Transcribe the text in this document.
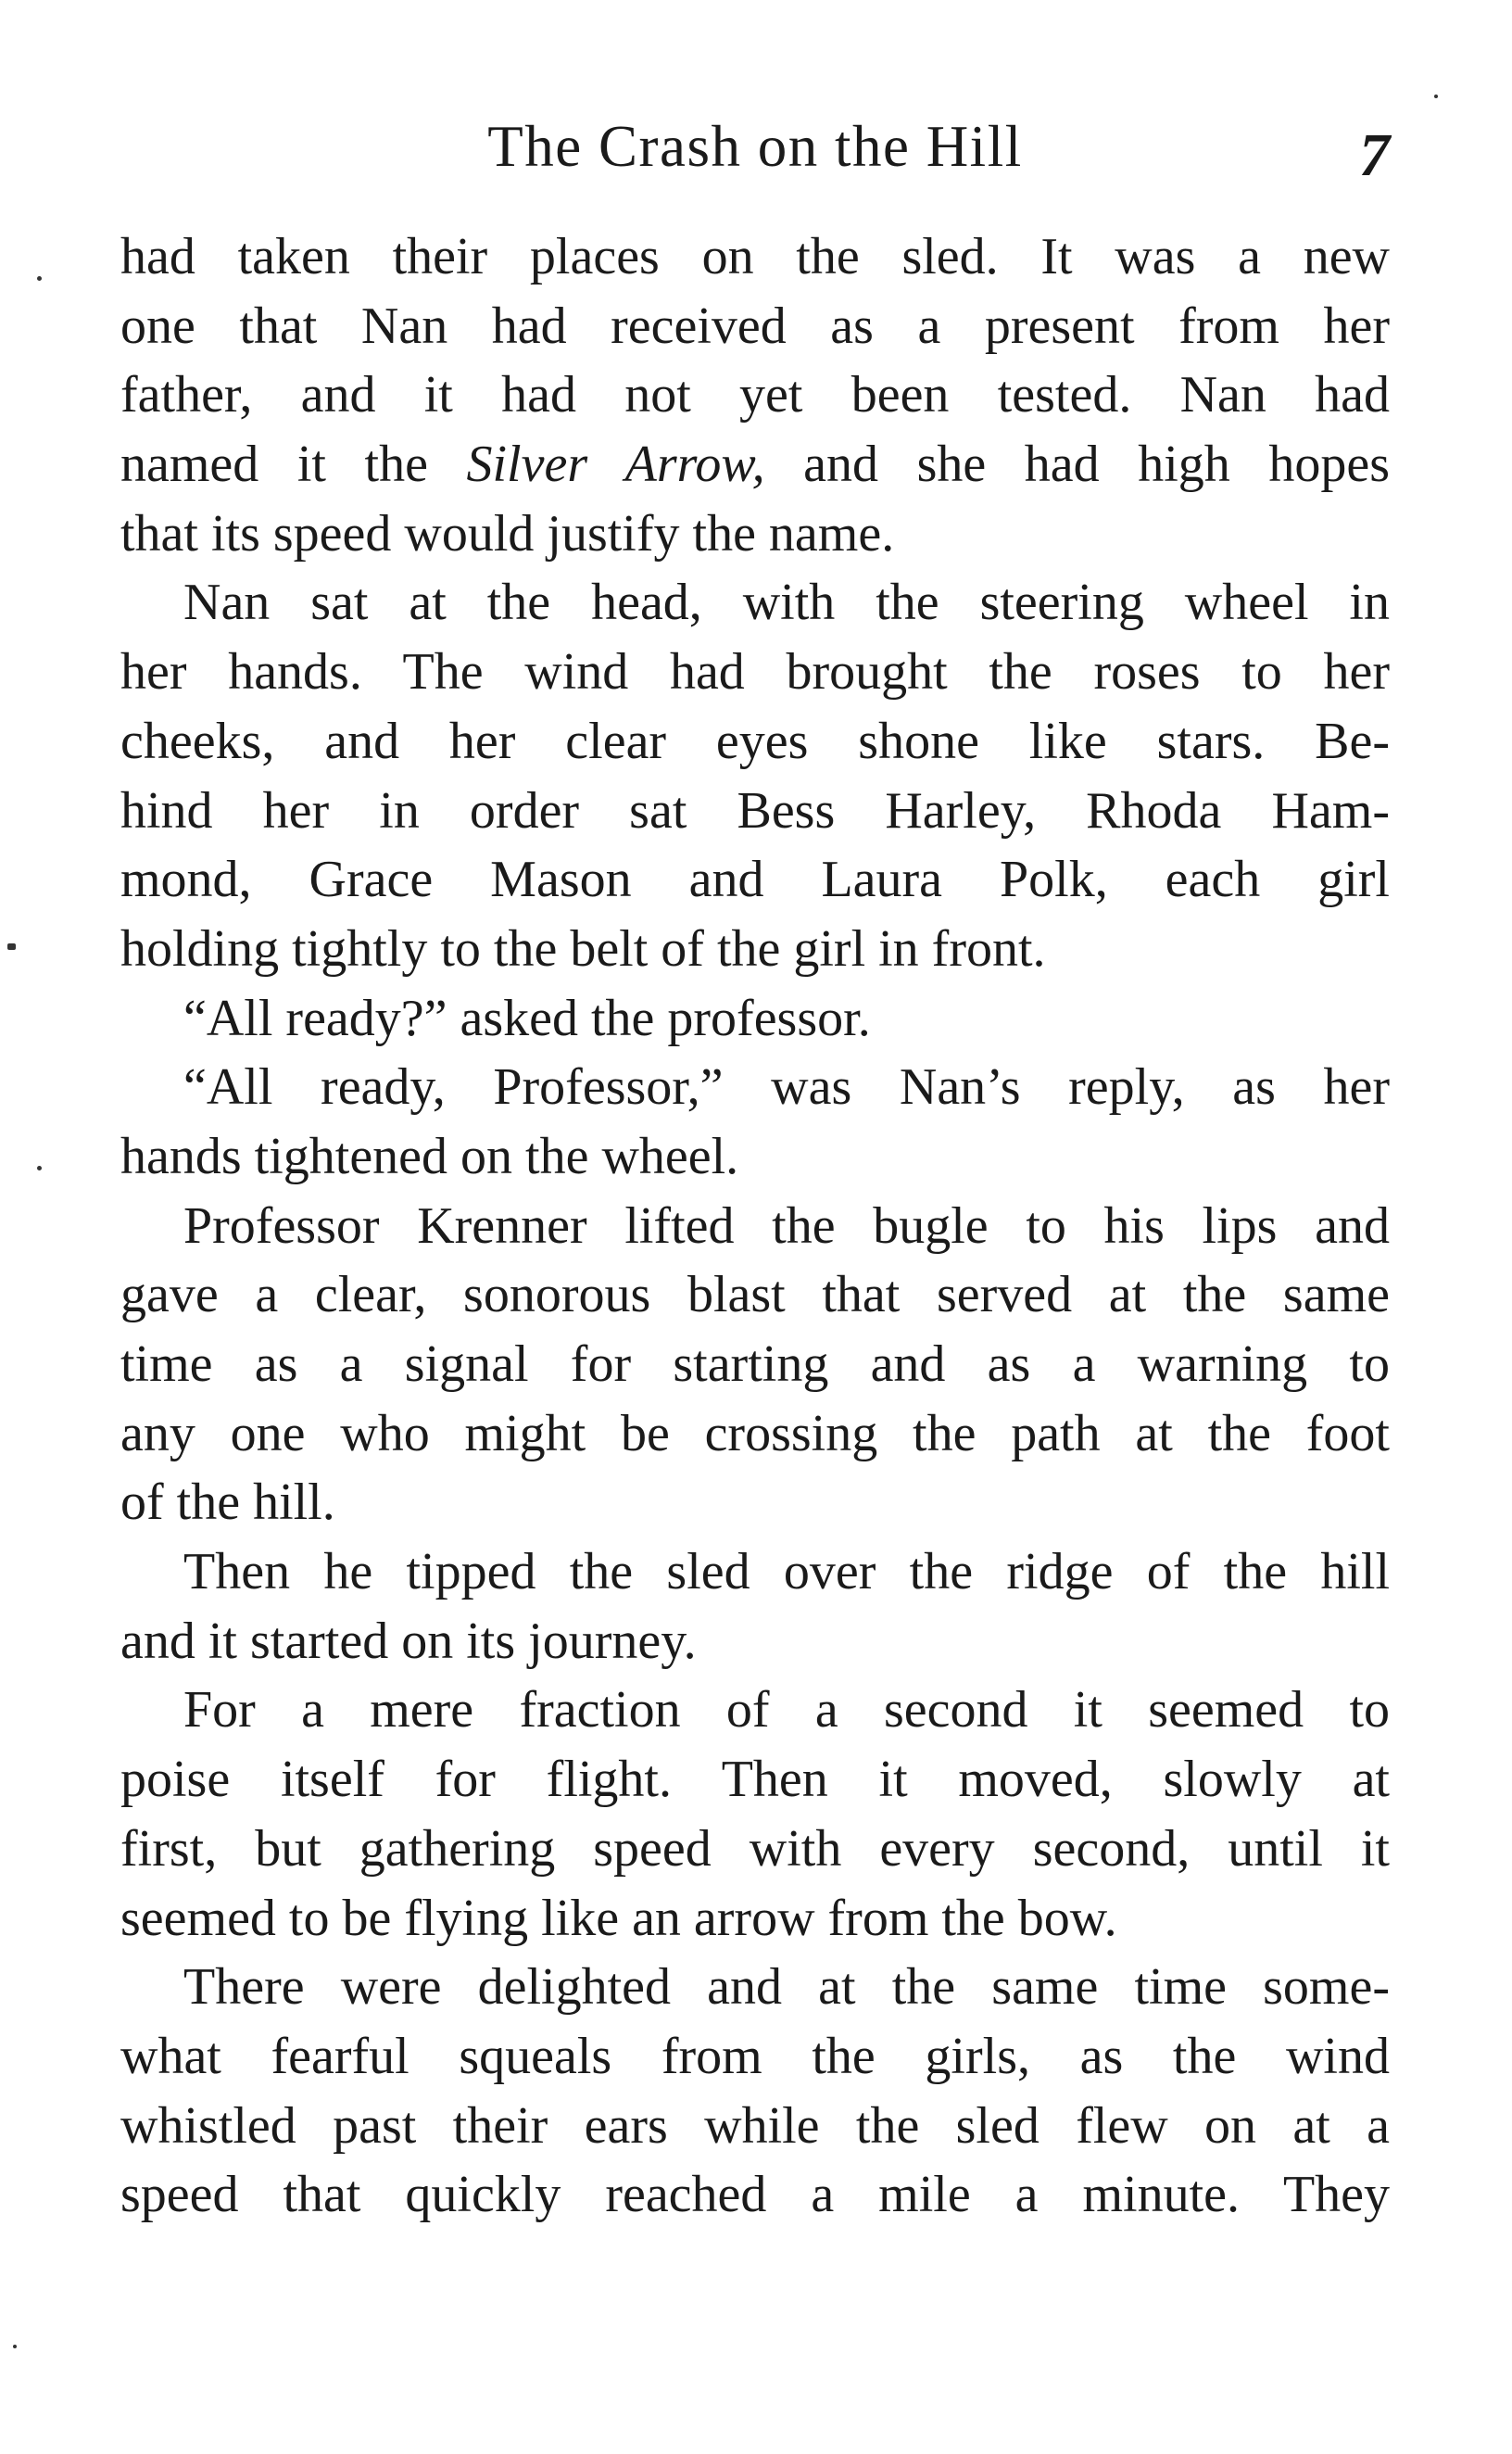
The Crash on the Hill	7
had taken their places on the sled. It was a new
one that Nan had received as a present from her
father, and it had not yet been tested. Nan had
named it the Silver Arrow, and she had high hopes
that its speed would justify the name.
Nan sat at the head, with the steering wheel in
her hands. The wind had brought the roses to her
cheeks, and her clear eyes shone like stars. Be-
hind her in order sat Bess Harley, Rhoda Ham-
mond, Grace Mason and Laura Polk, each girl
holding tightly to the belt of the girl in front.
“All ready?” asked the professor.
“All ready, Professor,” was Nan’s reply, as her
hands tightened on the wheel.
Professor Krenner lifted the bugle to his lips and
gave a clear, sonorous blast that served at the same
time as a signal for starting and as a warning to
any one who might be crossing the path at the foot
of the hill.
Then he tipped the sled over the ridge of the hill
and it started on its journey.
For a mere fraction of a second it seemed to
poise itself for flight. Then it moved, slowly at
first, but gathering speed with every second, until it
seemed to be flying like an arrow from the bow.
There were delighted and at the same time some-
what fearful squeals from the girls, as the wind
whistled past their ears while the sled flew on at a
speed that quickly reached a mile a minute. They
